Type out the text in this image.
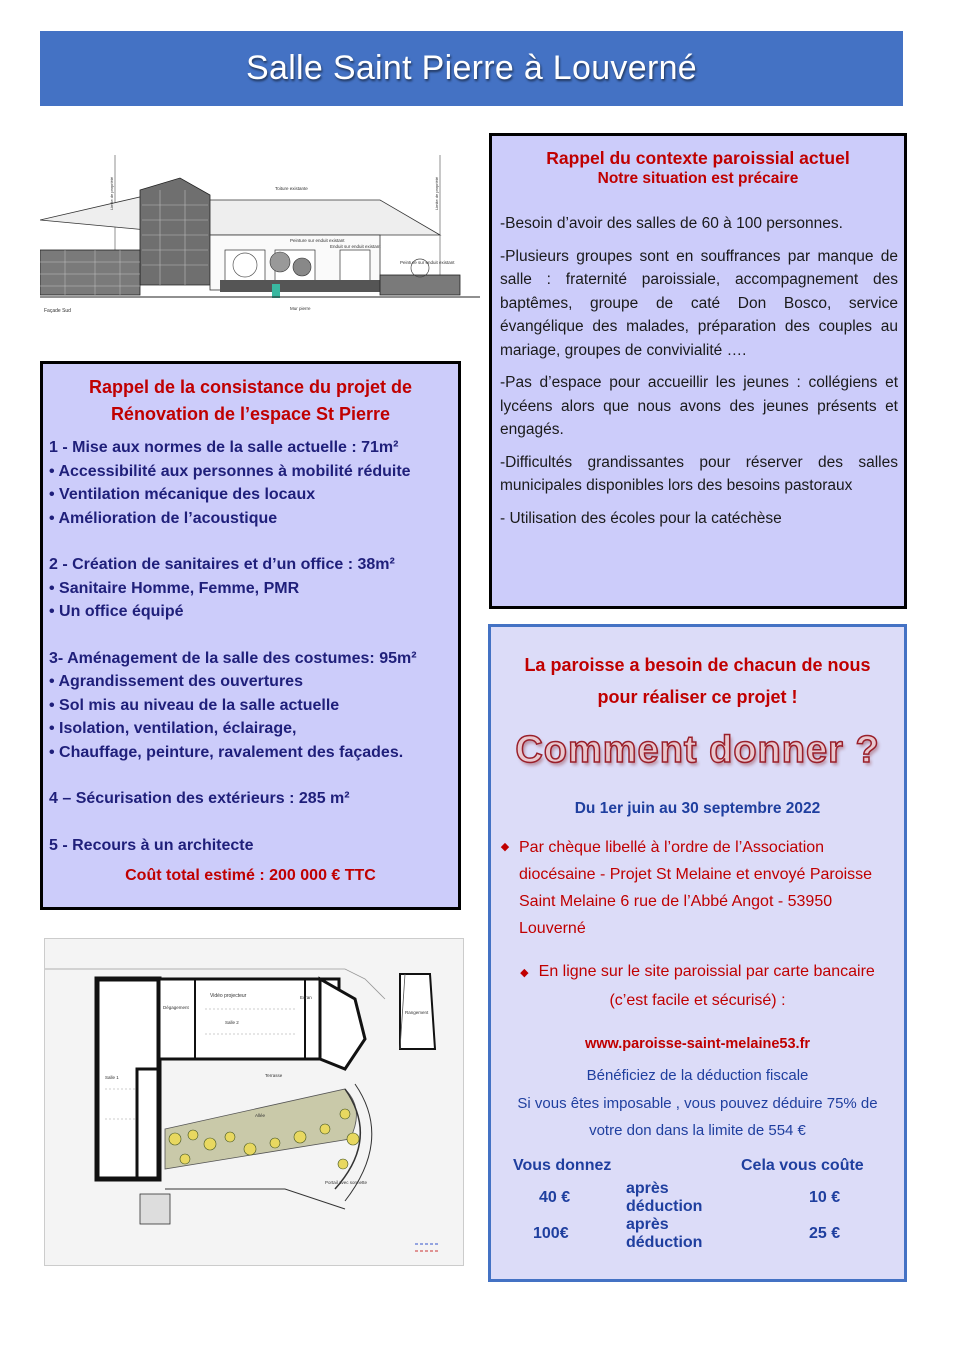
Salle Saint Pierre à Louverné
Façade Sud
Toiture existante
Peinture sur enduit existant
Enduit sur enduit existant
Peinture sur enduit existant
Mur pierre
Limite de propriété	Limite de propriété
Rappel de la consistance du projet de
Rénovation de l’espace St Pierre
1 - Mise aux normes de la salle actuelle : 71m²
• Accessibilité aux personnes à mobilité réduite
• Ventilation mécanique des locaux
• Amélioration de l’acoustique
2 - Création de sanitaires et d’un office : 38m²
• Sanitaire Homme, Femme, PMR
• Un office équipé
3- Aménagement de la salle des costumes: 95m²
• Agrandissement des ouvertures
• Sol mis au niveau de la salle actuelle
• Isolation, ventilation, éclairage,
• Chauffage, peinture, ravalement des façades.
4 – Sécurisation des extérieurs : 285 m²
5 - Recours à un architecte
Coût total estimé : 200 000 € TTC
Rappel du contexte paroissial actuel
Notre situation est précaire

-Besoin d’avoir des salles de 60 à 100 personnes.

-Plusieurs groupes sont en souffrances par manque de salle : fraternité paroissiale, accompagnement des baptêmes, groupe de caté Don Bosco, service évangélique des malades, préparation des couples au mariage, groupes de convivialité ….

-Pas d’espace pour accueillir les jeunes : collégiens et lycéens alors que nous avons des jeunes présents et engagés.

-Difficultés grandissantes pour réserver des salles municipales disponibles lors des besoins pastoraux

- Utilisation des écoles pour la catéchèse

La paroisse a besoin de chacun de nous
pour réaliser ce projet !
Comment donner ?
Du 1er juin au 30 septembre 2022
◆ Par chèque libellé à l’ordre de l’Association diocésaine - Projet St Melaine et envoyé Paroisse Saint Melaine 6 rue de l’Abbé Angot - 53950 Louverné
◆ En ligne sur le site paroissial par carte bancaire
(c’est facile et sécurisé) :
www.paroisse-saint-melaine53.fr
Bénéficiez de la déduction fiscale
Si vous êtes imposable , vous pouvez déduire 75% de
votre don dans la limite de 554 €
Vous donnez		Cela vous coûte
40 €	après déduction	10 €
100€	après déduction	25 €
Vidéo projecteur
Salle 2
Salle 1
Ecran
Terrasse
Allée
Dégagement
Rangement
Portail avec sonnette
